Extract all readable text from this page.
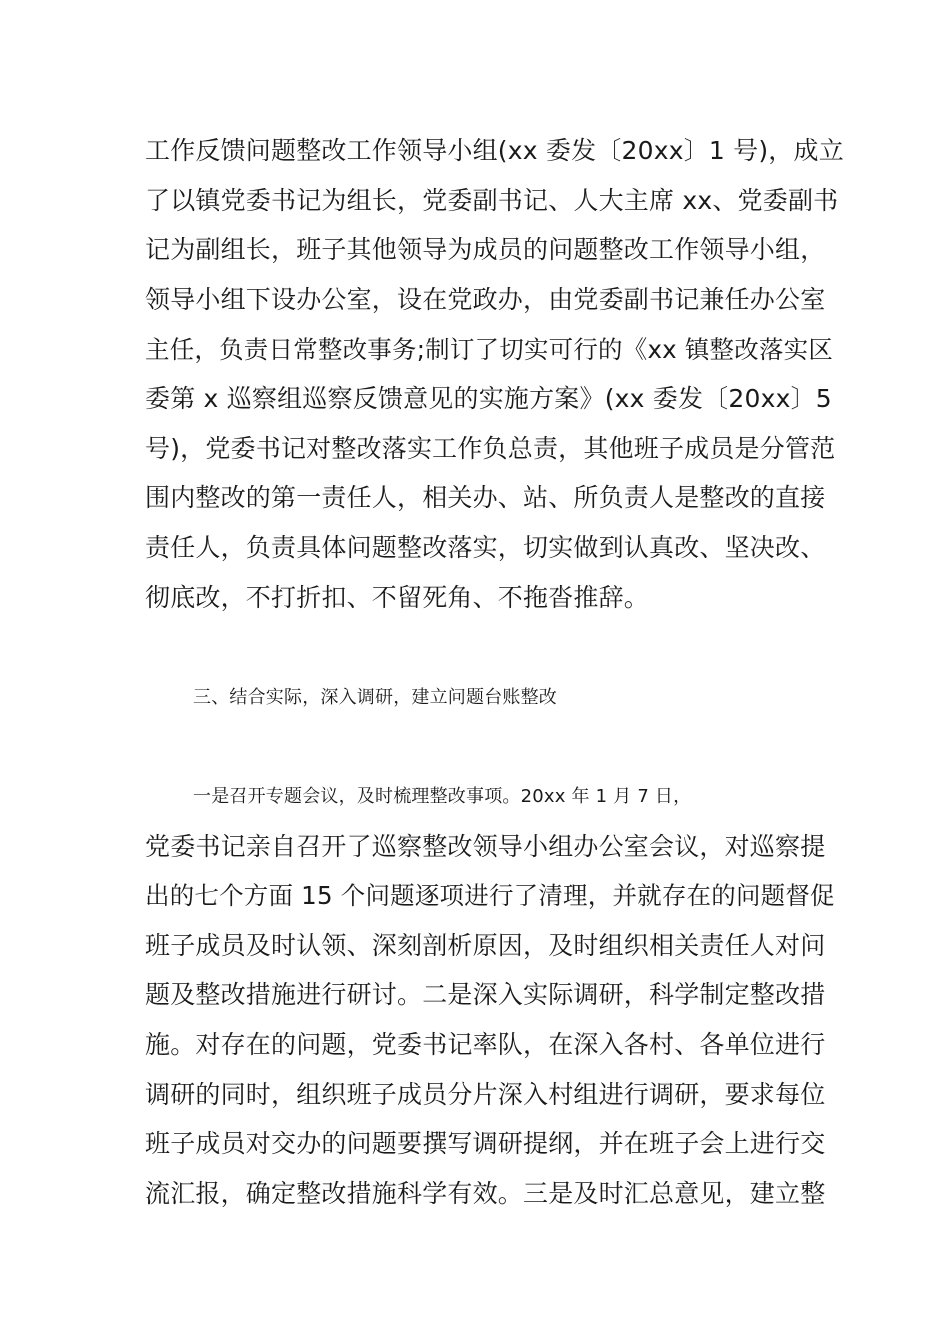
工作反馈问题整改工作领导小组(xx 委发〔20xx〕1 号)，成立

了以镇党委书记为组长，党委副书记、人大主席 xx、党委副书

记为副组长，班子其他领导为成员的问题整改工作领导小组，

领导小组下设办公室，设在党政办，由党委副书记兼任办公室

主任，负责日常整改事务;制订了切实可行的《xx 镇整改落实区

委第 x 巡察组巡察反馈意见的实施方案》(xx 委发〔20xx〕5

号)，党委书记对整改落实工作负总责，其他班子成员是分管范

围内整改的第一责任人，相关办、站、所负责人是整改的直接

责任人，负责具体问题整改落实，切实做到认真改、坚决改、

彻底改，不打折扣、不留死角、不拖沓推辞。

三、结合实际，深入调研，建立问题台账整改

一是召开专题会议，及时梳理整改事项。20xx 年 1 月 7 日，

党委书记亲自召开了巡察整改领导小组办公室会议，对巡察提

出的七个方面 15 个问题逐项进行了清理，并就存在的问题督促

班子成员及时认领、深刻剖析原因，及时组织相关责任人对问

题及整改措施进行研讨。二是深入实际调研，科学制定整改措

施。对存在的问题，党委书记率队，在深入各村、各单位进行

调研的同时，组织班子成员分片深入村组进行调研，要求每位

班子成员对交办的问题要撰写调研提纲，并在班子会上进行交

流汇报，确定整改措施科学有效。三是及时汇总意见，建立整
